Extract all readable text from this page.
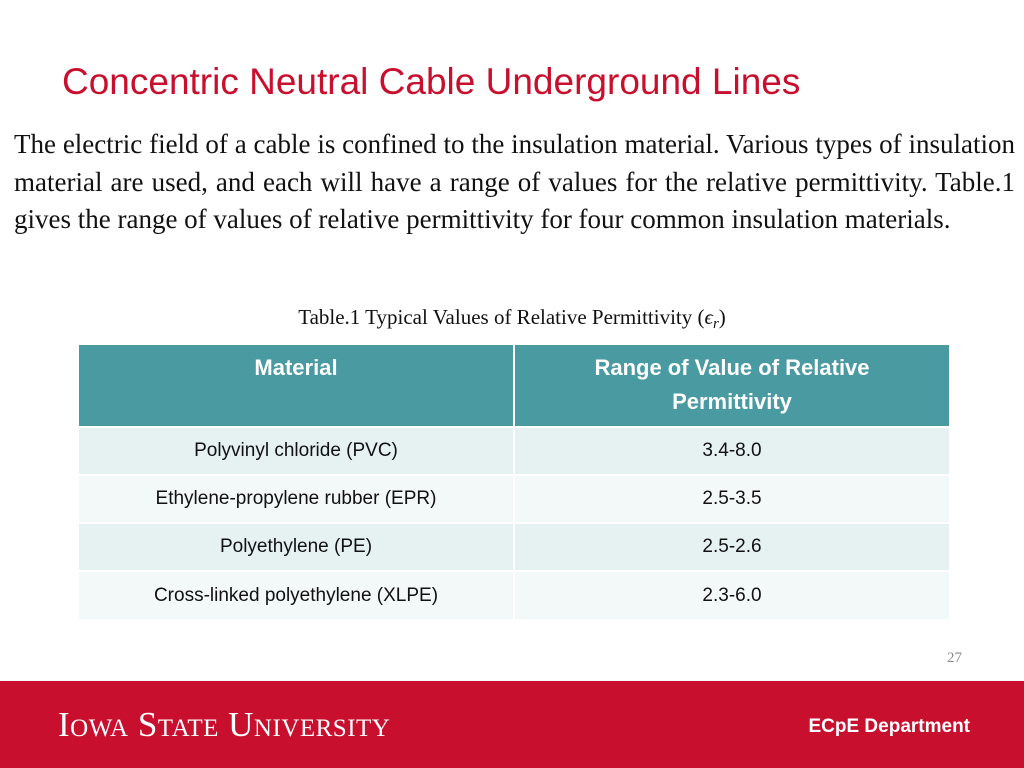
Concentric Neutral Cable Underground Lines

The electric field of a cable is confined to the insulation material. Various types of insulation material are used, and each will have a range of values for the relative permittivity. Table.1 gives the range of values of relative permittivity for four common insulation materials.

Table.1 Typical Values of Relative Permittivity $(\epsilon_r)$

Material	Range of Value of Relative Permittivity
Polyvinyl chloride (PVC)	3.4-8.0
Ethylene-propylene rubber (EPR)	2.5-3.5
Polyethylene (PE)	2.5-2.6
Cross-linked polyethylene (XLPE)	2.3-6.0
27
Iowa State University	ECpE Department
